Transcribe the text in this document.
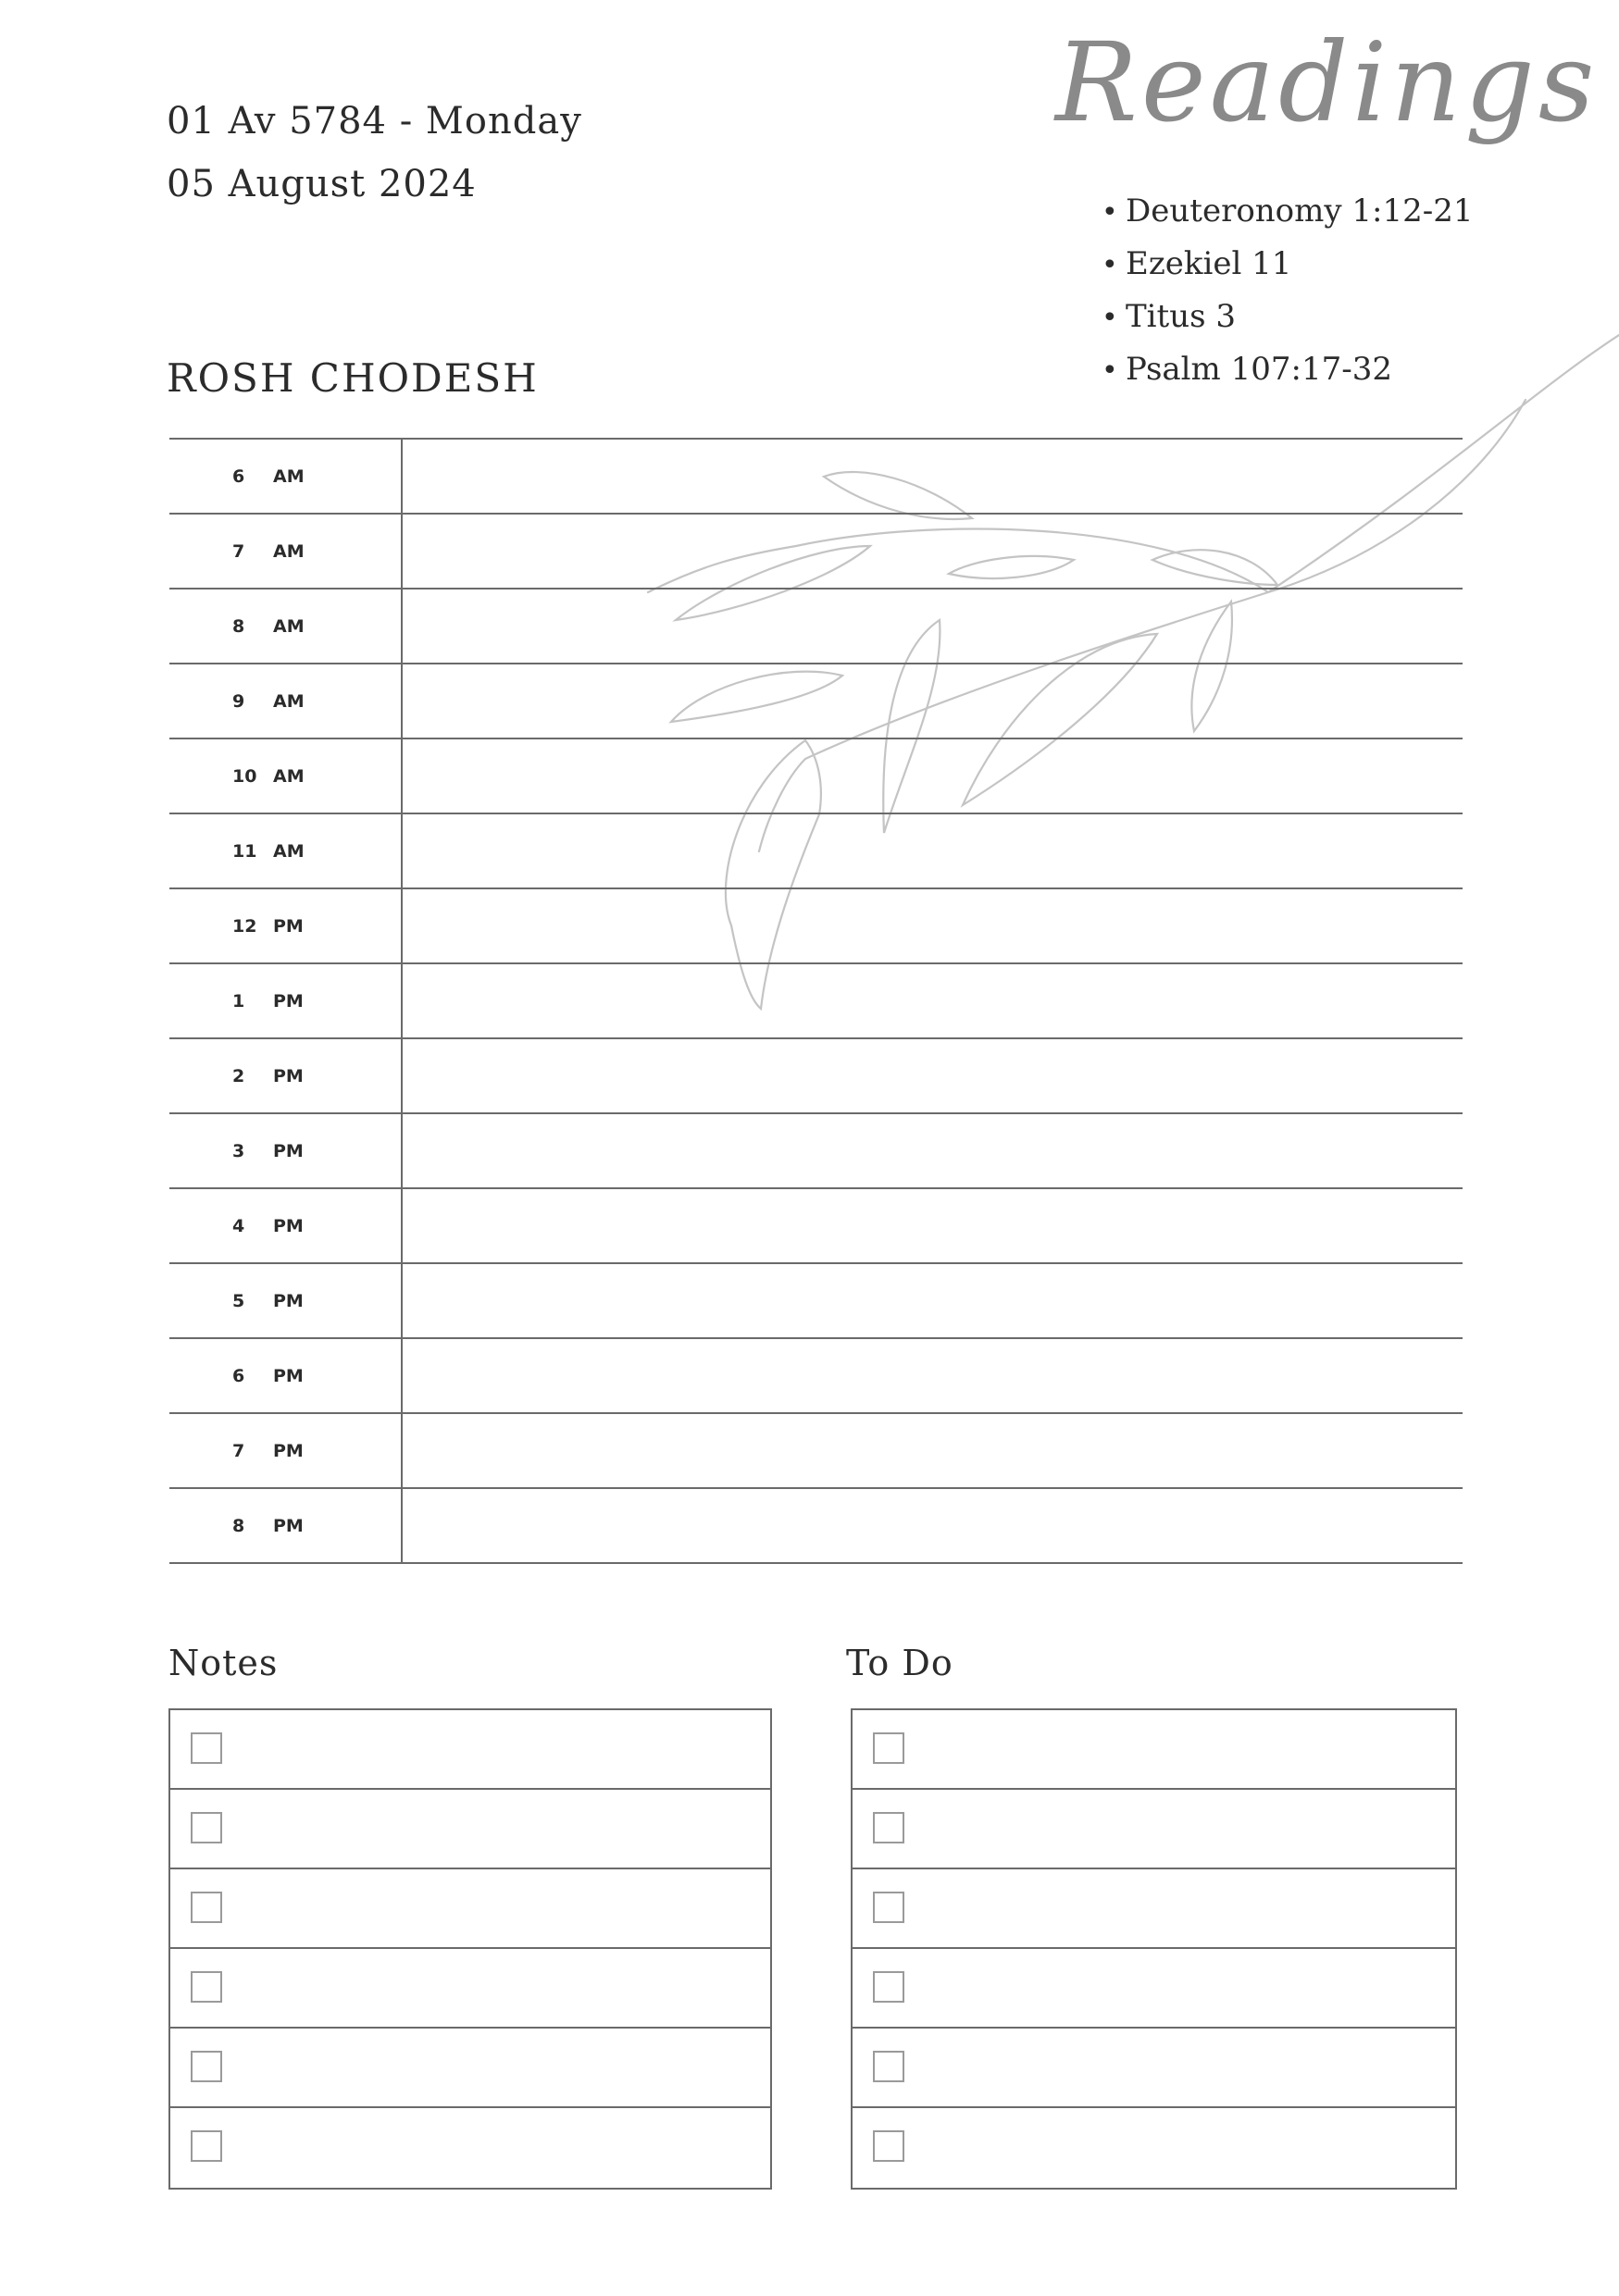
01 Av 5784 - Monday
05 August 2024
ROSH CHODESH
Readings
• Deuteronomy 1:12-21
• Ezekiel 11
• Titus 3
• Psalm 107:17-32
6 AM
7 AM
8 AM
9 AM
10 AM
11 AM
12 PM
1 PM
2 PM
3 PM
4 PM
5 PM
6 PM
7 PM
8 PM
Notes	To Do
